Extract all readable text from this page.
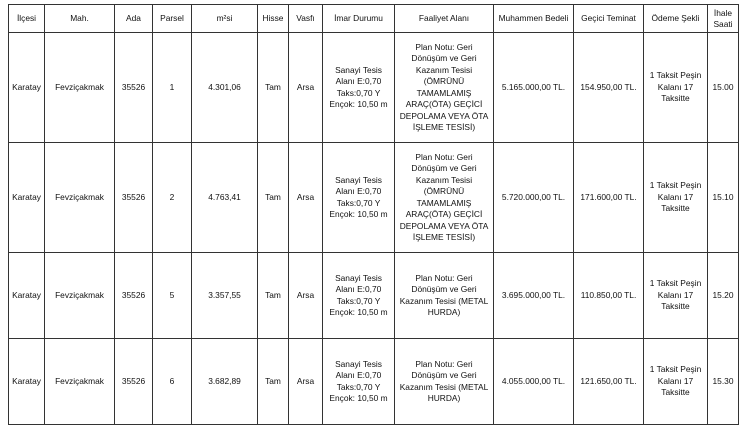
İlçesi	Mah.	Ada	Parsel	m²si	Hisse	Vasfı	İmar Durumu	Faaliyet Alanı	Muhammen Bedeli	Geçici Teminat	Ödeme Şekli	İhale Saati
Karatay	Fevziçakmak	35526	1	4.301,06	Tam	Arsa	Sanayi Tesis Alanı E:0,70 Taks:0,70 Y Ençok: 10,50 m	Plan Notu: Geri Dönüşüm ve Geri Kazanım Tesisi (ÖMRÜNÜ TAMAMLAMIŞ ARAÇ(ÖTA) GEÇİCİ DEPOLAMA VEYA ÖTA İŞLEME TESİSİ)	5.165.000,00 TL.	154.950,00 TL.	1 Taksit Peşin Kalanı 17 Taksitte	15.00
Karatay	Fevziçakmak	35526	2	4.763,41	Tam	Arsa	Sanayi Tesis Alanı E:0,70 Taks:0,70 Y Ençok: 10,50 m	Plan Notu: Geri Dönüşüm ve Geri Kazanım Tesisi (ÖMRÜNÜ TAMAMLAMIŞ ARAÇ(ÖTA) GEÇİCİ DEPOLAMA VEYA ÖTA İŞLEME TESİSİ)	5.720.000,00 TL.	171.600,00 TL.	1 Taksit Peşin Kalanı 17 Taksitte	15.10
Karatay	Fevziçakmak	35526	5	3.357,55	Tam	Arsa	Sanayi Tesis Alanı E:0,70 Taks:0,70 Y Ençok: 10,50 m	Plan Notu: Geri Dönüşüm ve Geri Kazanım Tesisi (METAL HURDA)	3.695.000,00 TL.	110.850,00 TL.	1 Taksit Peşin Kalanı 17 Taksitte	15.20
Karatay	Fevziçakmak	35526	6	3.682,89	Tam	Arsa	Sanayi Tesis Alanı E:0,70 Taks:0,70 Y Ençok: 10,50 m	Plan Notu: Geri Dönüşüm ve Geri Kazanım Tesisi (METAL HURDA)	4.055.000,00 TL.	121.650,00 TL.	1 Taksit Peşin Kalanı 17 Taksitte	15.30
